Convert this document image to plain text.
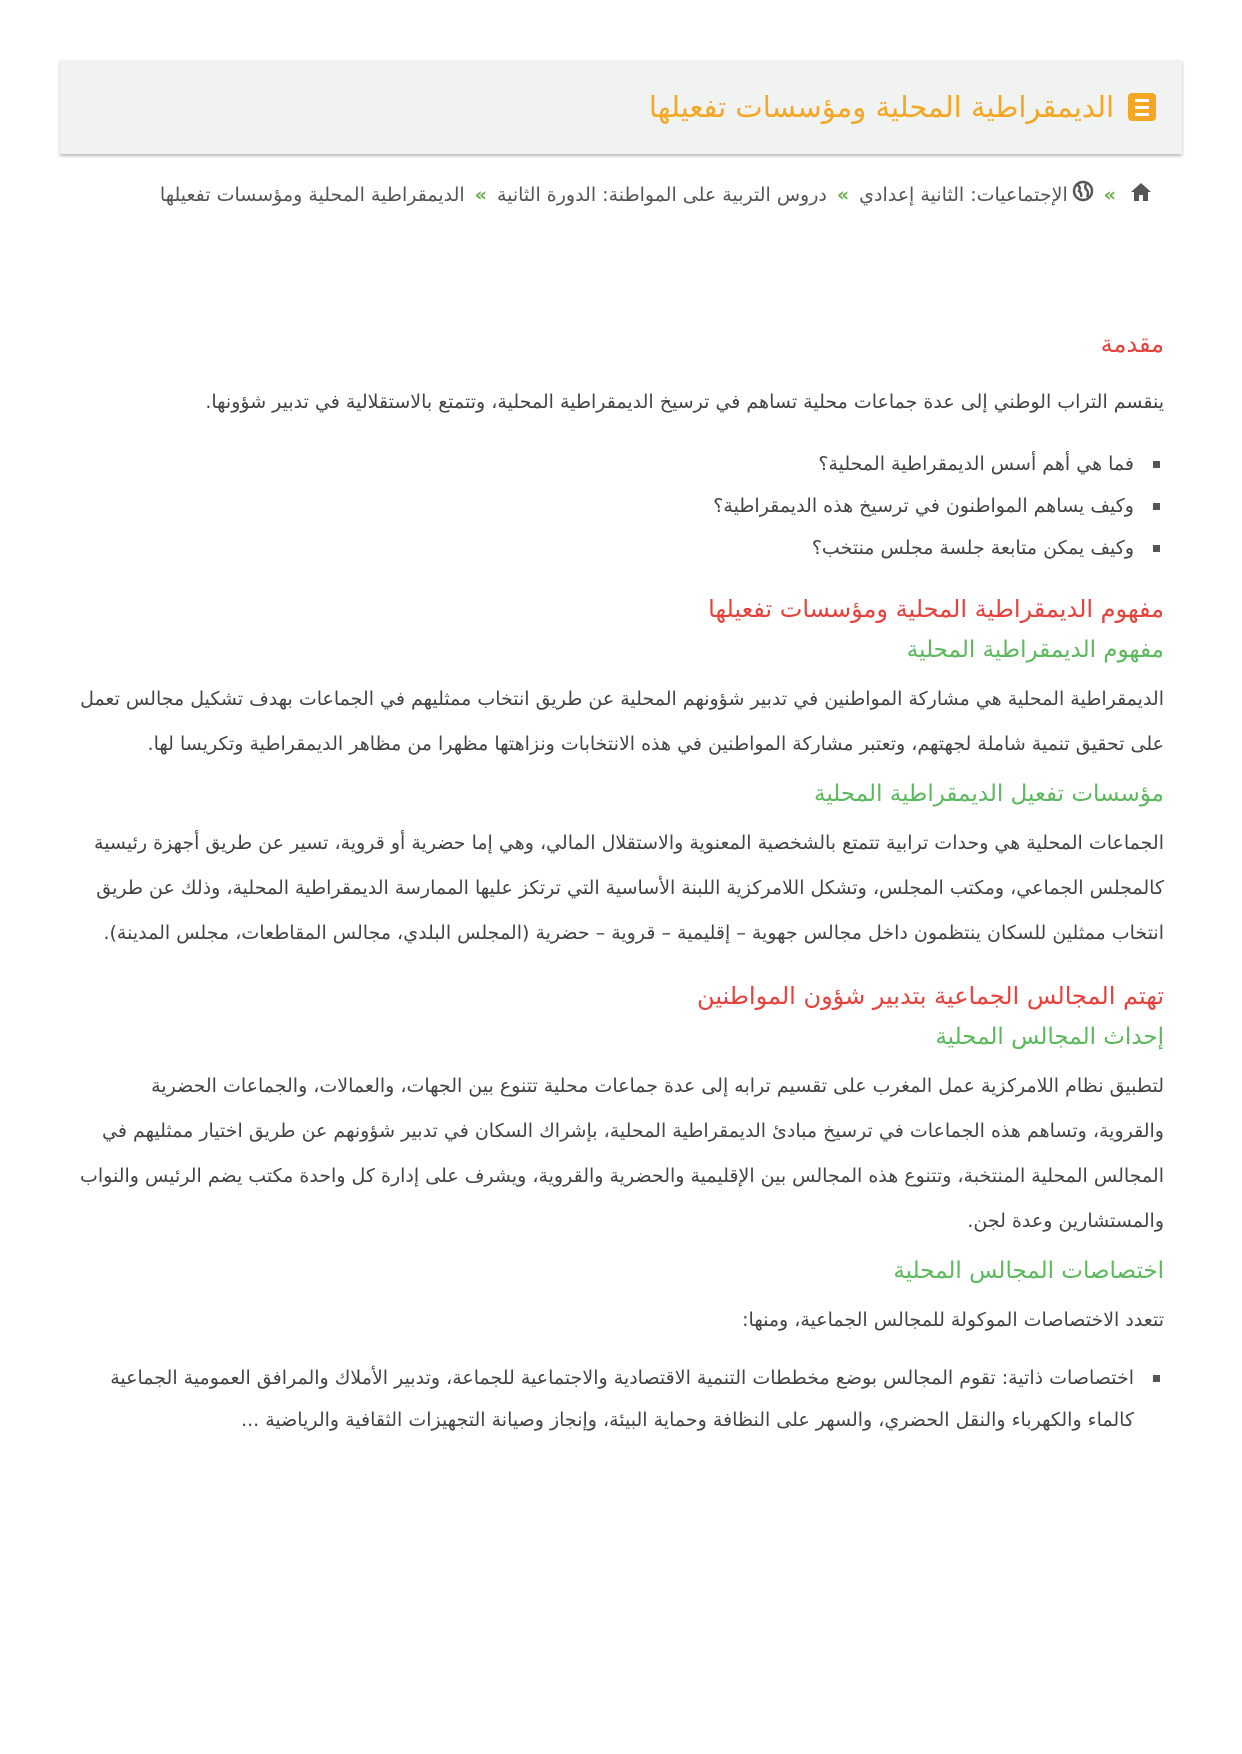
الديمقراطية المحلية ومؤسسات تفعيلها
»الإجتماعيات: الثانية إعدادي»دروس التربية على المواطنة: الدورة الثانية»الديمقراطية المحلية ومؤسسات تفعيلها
مقدمة

ينقسم التراب الوطني إلى عدة جماعات محلية تساهم في ترسيخ الديمقراطية المحلية، وتتمتع بالاستقلالية في تدبير شؤونها.

فما هي أهم أسس الديمقراطية المحلية؟
وكيف يساهم المواطنون في ترسيخ هذه الديمقراطية؟
وكيف يمكن متابعة جلسة مجلس منتخب؟
مفهوم الديمقراطية المحلية ومؤسسات تفعيلها
مفهوم الديمقراطية المحلية

الديمقراطية المحلية هي مشاركة المواطنين في تدبير شؤونهم المحلية عن طريق انتخاب ممثليهم في الجماعات بهدف تشكيل مجالس تعمل على تحقيق تنمية شاملة لجهتهم، وتعتبر مشاركة المواطنين في هذه الانتخابات ونزاهتها مظهرا من مظاهر الديمقراطية وتكريسا لها.

مؤسسات تفعيل الديمقراطية المحلية

الجماعات المحلية هي وحدات ترابية تتمتع بالشخصية المعنوية والاستقلال المالي، وهي إما حضرية أو قروية، تسير عن طريق أجهزة رئيسية كالمجلس الجماعي، ومكتب المجلس، وتشكل اللامركزية اللبنة الأساسية التي ترتكز عليها الممارسة الديمقراطية المحلية، وذلك عن طريق انتخاب ممثلين للسكان ينتظمون داخل مجالس جهوية – إقليمية – قروية – حضرية (المجلس البلدي، مجالس المقاطعات، مجلس المدينة).

تهتم المجالس الجماعية بتدبير شؤون المواطنين
إحداث المجالس المحلية

لتطبيق نظام اللامركزية عمل المغرب على تقسيم ترابه إلى عدة جماعات محلية تتنوع بين الجهات، والعمالات، والجماعات الحضرية والقروية، وتساهم هذه الجماعات في ترسيخ مبادئ الديمقراطية المحلية، بإشراك السكان في تدبير شؤونهم عن طريق اختيار ممثليهم في المجالس المحلية المنتخبة، وتتنوع هذه المجالس بين الإقليمية والحضرية والقروية، ويشرف على إدارة كل واحدة مكتب يضم الرئيس والنواب والمستشارين وعدة لجن.

اختصاصات المجالس المحلية

تتعدد الاختصاصات الموكولة للمجالس الجماعية، ومنها:

اختصاصات ذاتية: تقوم المجالس بوضع مخططات التنمية الاقتصادية والاجتماعية للجماعة، وتدبير الأملاك والمرافق العمومية الجماعية كالماء والكهرباء والنقل الحضري، والسهر على النظافة وحماية البيئة، وإنجاز وصيانة التجهيزات الثقافية والرياضية ...
